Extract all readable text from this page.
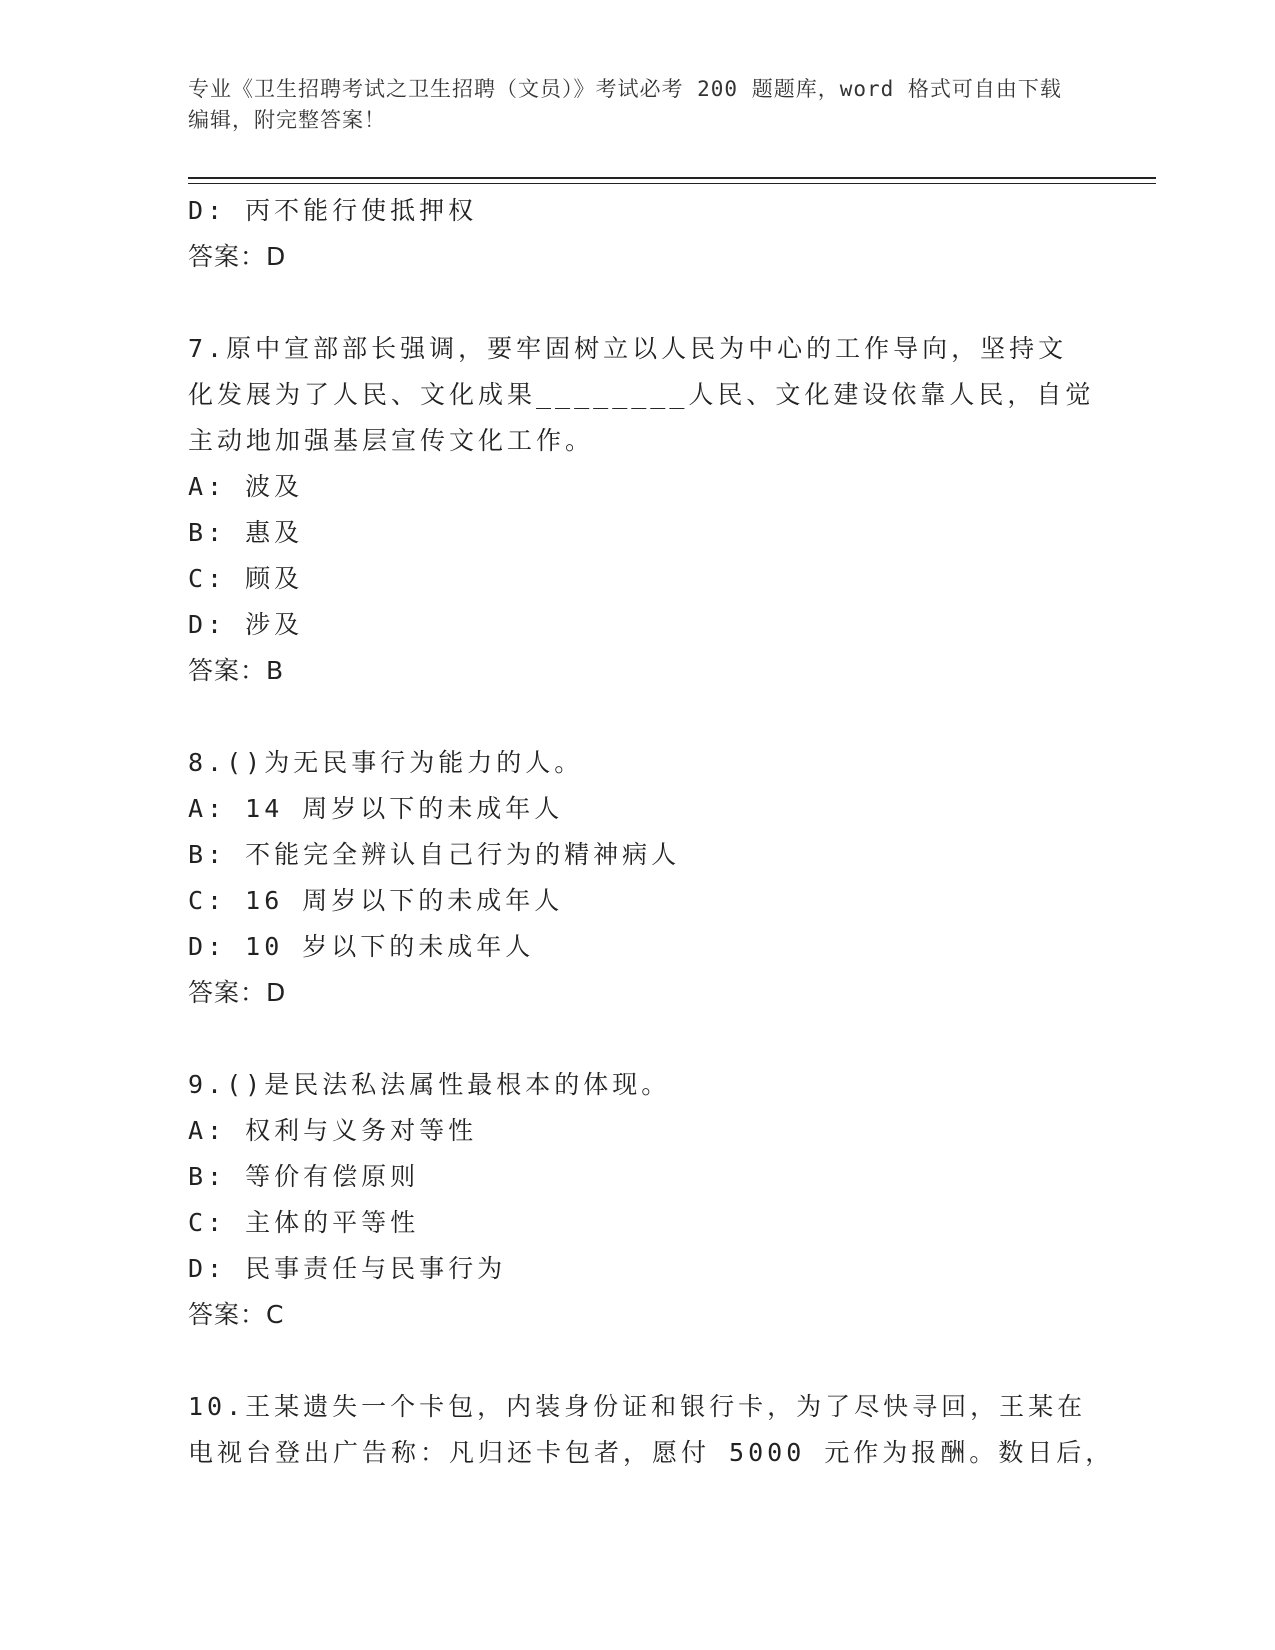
专业《卫生招聘考试之卫生招聘（文员）》考试必考 200 题题库，word 格式可自由下载编辑，附完整答案！
D: 丙不能行使抵押权
答案：D
7.原中宣部部长强调，要牢固树立以人民为中心的工作导向，坚持文
化发展为了人民、文化成果________人民、文化建设依靠人民，自觉
主动地加强基层宣传文化工作。
A: 波及
B: 惠及
C: 顾及
D: 涉及
答案：B
8.()为无民事行为能力的人。
A: 14 周岁以下的未成年人
B: 不能完全辨认自己行为的精神病人
C: 16 周岁以下的未成年人
D: 10 岁以下的未成年人
答案：D
9.()是民法私法属性最根本的体现。
A: 权利与义务对等性
B: 等价有偿原则
C: 主体的平等性
D: 民事责任与民事行为
答案：C
10.王某遗失一个卡包，内装身份证和银行卡，为了尽快寻回，王某在
电视台登出广告称：凡归还卡包者，愿付 5000 元作为报酬。数日后，
